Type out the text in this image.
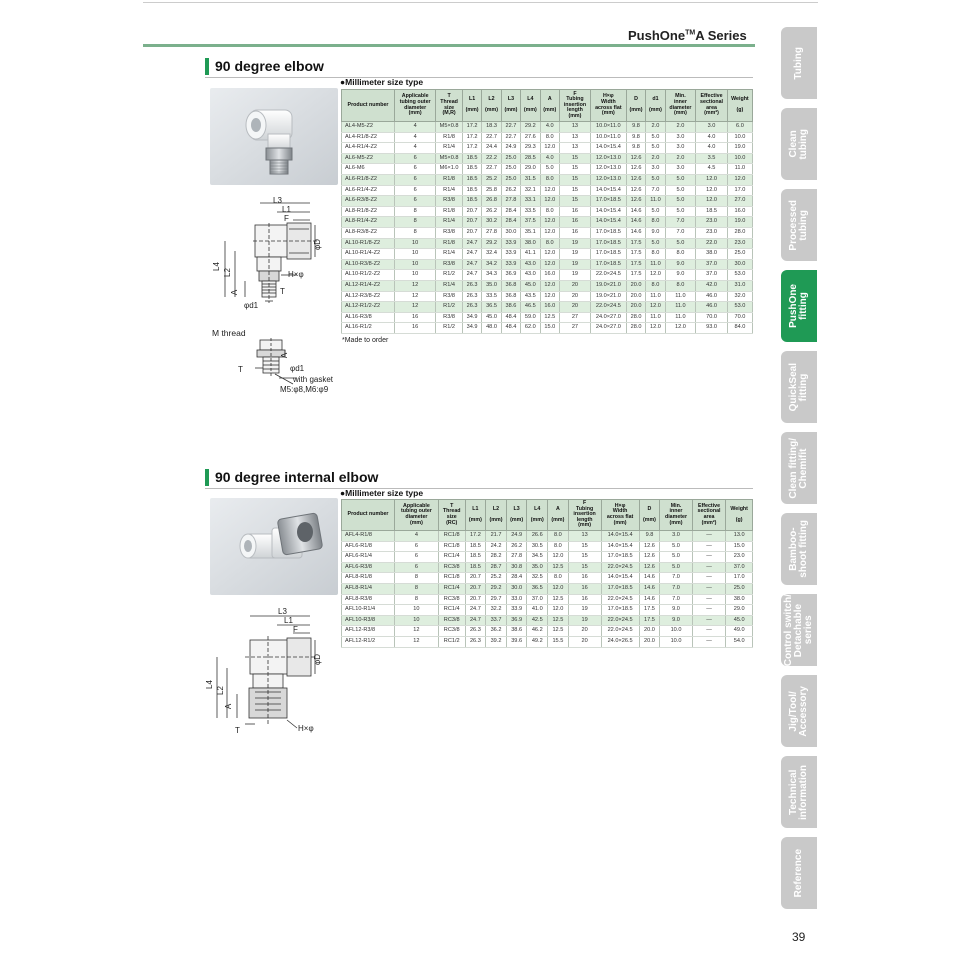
PushOne™A Series
90 degree elbow
●Millimeter size type
L3
L1
F
φD
L4
L2
A
H×φ
φd1
T
M thread
A
φd1
T
with gasket
M5:φ8,M6:φ9
Product number	Applicable
tubing outer
diameter
(mm)	T
Thread
size
(M,R)	L1

(mm)	L2

(mm)	L3

(mm)	L4

(mm)	A

(mm)	F
Tubing
insertion
length
(mm)	H×φ
Width
across flat
(mm)	D

(mm)	d1

(mm)	Min.
inner
diameter
(mm)	Effective
sectional
area
(mm²)	Weight

(g)
AL4-M5-Z2	4	M5×0.8	17.2	18.3	22.7	29.2	4.0	13	10.0×11.0	9.8	2.0	2.0	3.0	6.0
AL4-R1/8-Z2	4	R1/8	17.2	22.7	22.7	27.6	8.0	13	10.0×11.0	9.8	5.0	3.0	4.0	10.0
AL4-R1/4-Z2	4	R1/4	17.2	24.4	24.9	29.3	12.0	13	14.0×15.4	9.8	5.0	3.0	4.0	19.0
AL6-M5-Z2	6	M5×0.8	18.5	22.2	25.0	28.5	4.0	15	12.0×13.0	12.6	2.0	2.0	3.5	10.0
AL6-M6	6	M6×1.0	18.5	22.7	25.0	29.0	5.0	15	12.0×13.0	12.6	3.0	3.0	4.5	11.0
AL6-R1/8-Z2	6	R1/8	18.5	25.2	25.0	31.5	8.0	15	12.0×13.0	12.6	5.0	5.0	12.0	12.0
AL6-R1/4-Z2	6	R1/4	18.5	25.8	26.2	32.1	12.0	15	14.0×15.4	12.6	7.0	5.0	12.0	17.0
AL6-R3/8-Z2	6	R3/8	18.5	26.8	27.8	33.1	12.0	15	17.0×18.5	12.6	11.0	5.0	12.0	27.0
AL8-R1/8-Z2	8	R1/8	20.7	26.2	28.4	33.5	8.0	16	14.0×15.4	14.6	5.0	5.0	18.5	16.0
AL8-R1/4-Z2	8	R1/4	20.7	30.2	28.4	37.5	12.0	16	14.0×15.4	14.6	8.0	7.0	23.0	19.0
AL8-R3/8-Z2	8	R3/8	20.7	27.8	30.0	35.1	12.0	16	17.0×18.5	14.6	9.0	7.0	23.0	28.0
AL10-R1/8-Z2	10	R1/8	24.7	29.2	33.9	38.0	8.0	19	17.0×18.5	17.5	5.0	5.0	22.0	23.0
AL10-R1/4-Z2	10	R1/4	24.7	32.4	33.9	41.1	12.0	19	17.0×18.5	17.5	8.0	8.0	38.0	25.0
AL10-R3/8-Z2	10	R3/8	24.7	34.2	33.9	43.0	12.0	19	17.0×18.5	17.5	11.0	9.0	37.0	30.0
AL10-R1/2-Z2	10	R1/2	24.7	34.3	36.9	43.0	16.0	19	22.0×24.5	17.5	12.0	9.0	37.0	53.0
AL12-R1/4-Z2	12	R1/4	26.3	35.0	36.8	45.0	12.0	20	19.0×21.0	20.0	8.0	8.0	42.0	31.0
AL12-R3/8-Z2	12	R3/8	26.3	33.5	36.8	43.5	12.0	20	19.0×21.0	20.0	11.0	11.0	46.0	32.0
AL12-R1/2-Z2	12	R1/2	26.3	36.5	38.6	46.5	16.0	20	22.0×24.5	20.0	12.0	11.0	46.0	53.0
AL16-R3/8	16	R3/8	34.9	45.0	48.4	59.0	12.5	27	24.0×27.0	28.0	11.0	11.0	70.0	70.0
AL16-R1/2	16	R1/2	34.9	48.0	48.4	62.0	15.0	27	24.0×27.0	28.0	12.0	12.0	93.0	84.0
*Made to order
90 degree internal elbow
●Millimeter size type
L3
L1
F
φD
L4
L2
A
T	H×φ
Product number	Applicable
tubing outer
diameter
(mm)	T
Thread
size
(RC)	L1

(mm)	L2

(mm)	L3

(mm)	L4

(mm)	A

(mm)	F
Tubing
insertion
length
(mm)	H×φ
Width
across flat
(mm)	D

(mm)	Min.
inner
diameter
(mm)	Effective
sectional
area
(mm²)	Weight

(g)
AFL4-R1/8	4	RC1/8	17.2	21.7	24.9	26.6	8.0	13	14.0×15.4	9.8	3.0	—	13.0
AFL6-R1/8	6	RC1/8	18.5	24.2	26.2	30.5	8.0	15	14.0×15.4	12.6	5.0	—	15.0
AFL6-R1/4	6	RC1/4	18.5	28.2	27.8	34.5	12.0	15	17.0×18.5	12.6	5.0	—	23.0
AFL6-R3/8	6	RC3/8	18.5	28.7	30.8	35.0	12.5	15	22.0×24.5	12.6	5.0	—	37.0
AFL8-R1/8	8	RC1/8	20.7	25.2	28.4	32.5	8.0	16	14.0×15.4	14.6	7.0	—	17.0
AFL8-R1/4	8	RC1/4	20.7	29.2	30.0	36.5	12.0	16	17.0×18.5	14.6	7.0	—	25.0
AFL8-R3/8	8	RC3/8	20.7	29.7	33.0	37.0	12.5	16	22.0×24.5	14.6	7.0	—	38.0
AFL10-R1/4	10	RC1/4	24.7	32.2	33.9	41.0	12.0	19	17.0×18.5	17.5	9.0	—	29.0
AFL10-R3/8	10	RC3/8	24.7	33.7	36.9	42.5	12.5	19	22.0×24.5	17.5	9.0	—	45.0
AFL12-R3/8	12	RC3/8	26.3	36.2	38.6	46.2	12.5	20	22.0×24.5	20.0	10.0	—	49.0
AFL12-R1/2	12	RC1/2	26.3	39.2	39.6	49.2	15.5	20	24.0×26.5	20.0	10.0	—	54.0
Tubing
Clean
tubing
Processed
tubing
PushOne
fitting
QuickSeal
fitting
Clean fitting/
Chemifit
Bamboo-
shoot fitting
Control switch/
Detachable
series
Jig/Tool/
Accessory
Technical
information
Reference
39
